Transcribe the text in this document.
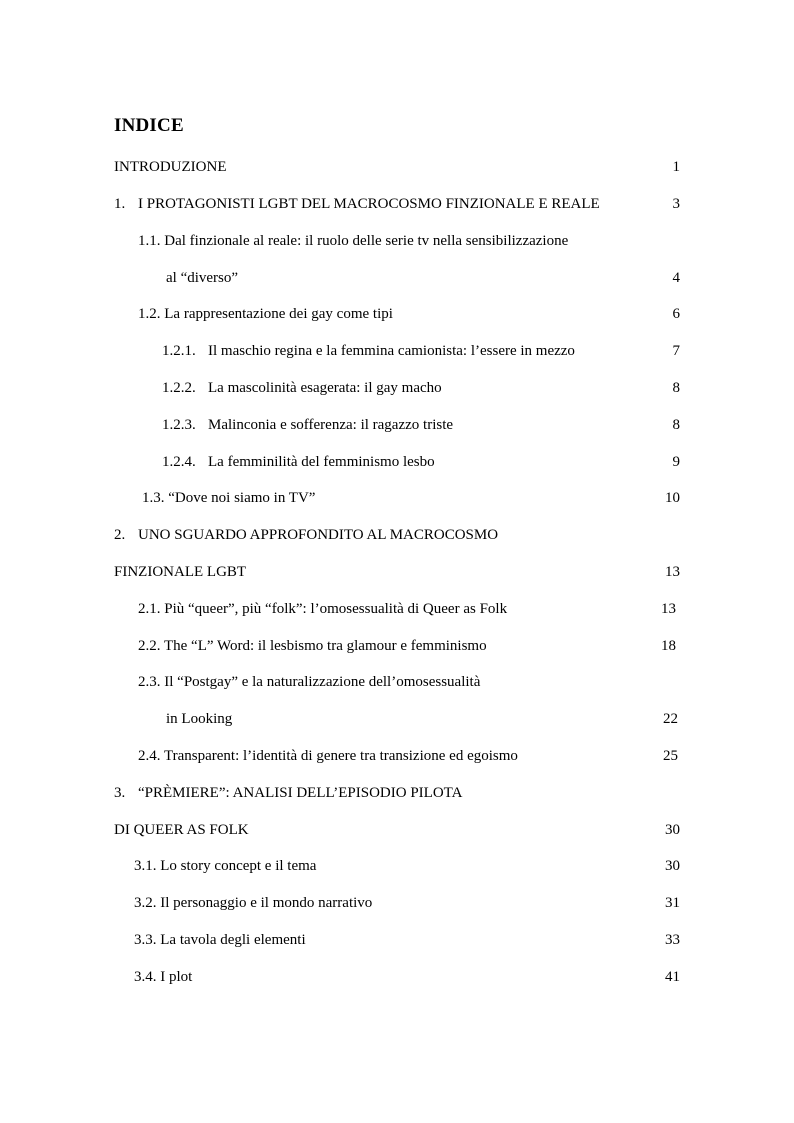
INDICE
INTRODUZIONE	1
1. I PROTAGONISTI LGBT DEL MACROCOSMO FINZIONALE E REALE	3
1.1. Dal finzionale al reale: il ruolo delle serie tv nella sensibilizzazione
al “diverso”	4
1.2. La rappresentazione dei gay come tipi	6
1.2.1. Il maschio regina e la femmina camionista: l’essere in mezzo	7
1.2.2. La mascolinità esagerata: il gay macho	8
1.2.3. Malinconia e sofferenza: il ragazzo triste	8
1.2.4. La femminilità del femminismo lesbo	9
1.3. “Dove noi siamo in TV”	10
2. UNO SGUARDO APPROFONDITO AL MACROCOSMO
FINZIONALE LGBT	13
2.1. Più “queer”, più “folk”: l’omosessualità di Queer as Folk	13
2.2. The “L” Word: il lesbismo tra glamour e femminismo	18
2.3. Il “Postgay” e la naturalizzazione dell’omosessualità
in Looking	22
2.4. Transparent: l’identità di genere tra transizione ed egoismo	25
3. “PRÈMIERE”: ANALISI DELL’EPISODIO PILOTA
DI QUEER AS FOLK	30
3.1. Lo story concept e il tema	30
3.2. Il personaggio e il mondo narrativo	31
3.3. La tavola degli elementi	33
3.4. I plot	41
